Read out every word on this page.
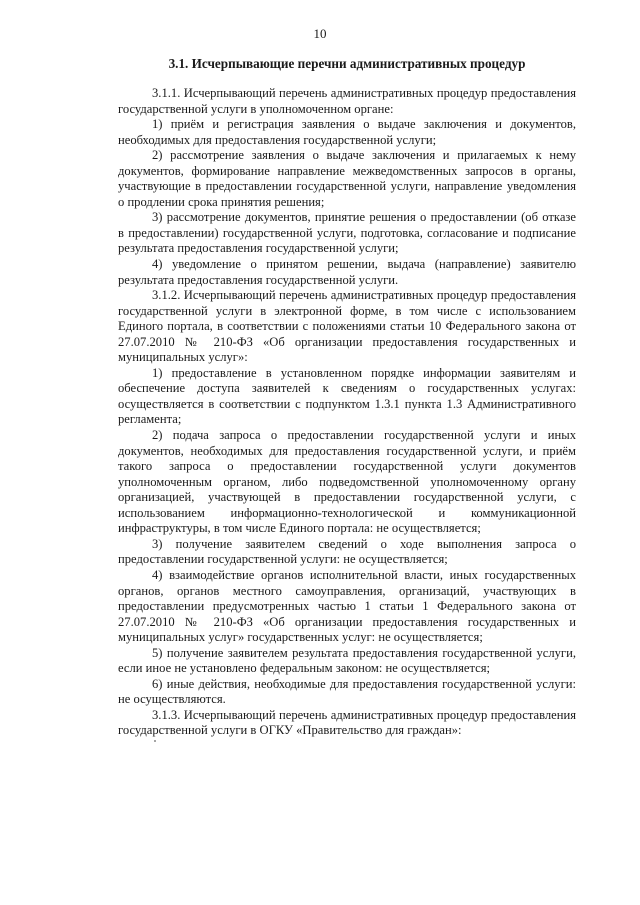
10
3.1. Исчерпывающие перечни административных процедур

3.1.1. Исчерпывающий перечень административных процедур предоставления государственной услуги в уполномоченном органе:

1) приём и регистрация заявления о выдаче заключения и документов, необходимых для предоставления государственной услуги;

2) рассмотрение заявления о выдаче заключения и прилагаемых к нему документов, формирование направление межведомственных запросов в органы, участвующие в предоставлении государственной услуги, направление уведомления о продлении срока принятия решения;

3) рассмотрение документов, принятие решения о предоставлении (об отказе в предоставлении) государственной услуги, подготовка, согласование и подписание результата предоставления государственной услуги;

4) уведомление о принятом решении, выдача (направление) заявителю результата предоставления государственной услуги.

3.1.2. Исчерпывающий перечень административных процедур предоставления государственной услуги в электронной форме, в том числе с использованием Единого портала, в соответствии с положениями статьи 10 Федерального закона от 27.07.2010 № 210-ФЗ «Об организации предоставления государственных и муниципальных услуг»:

1) предоставление в установленном порядке информации заявителям и обеспечение доступа заявителей к сведениям о государственных услугах: осуществляется в соответствии с подпунктом 1.3.1 пункта 1.3 Административного регламента;

2) подача запроса о предоставлении государственной услуги и иных документов, необходимых для предоставления государственной услуги, и приём такого запроса о предоставлении государственной услуги документов уполномоченным органом, либо подведомственной уполномоченному органу организацией, участвующей в предоставлении государственной услуги, с использованием информационно-технологической и коммуникационной инфраструктуры, в том числе Единого портала: не осуществляется;

3) получение заявителем сведений о ходе выполнения запроса о предоставлении государственной услуги: не осуществляется;

4) взаимодействие органов исполнительной власти, иных государственных органов, органов местного самоуправления, организаций, участвующих в предоставлении предусмотренных частью 1 статьи 1 Федерального закона от 27.07.2010 № 210-ФЗ «Об организации предоставления государственных и муниципальных услуг» государственных услуг: не осуществляется;

5) получение заявителем результата предоставления государственной услуги, если иное не установлено федеральным законом: не осуществляется;

6) иные действия, необходимые для предоставления государственной услуги: не осуществляются.

3.1.3. Исчерпывающий перечень административных процедур предоставления государственной услуги в ОГКУ «Правительство для граждан»:
